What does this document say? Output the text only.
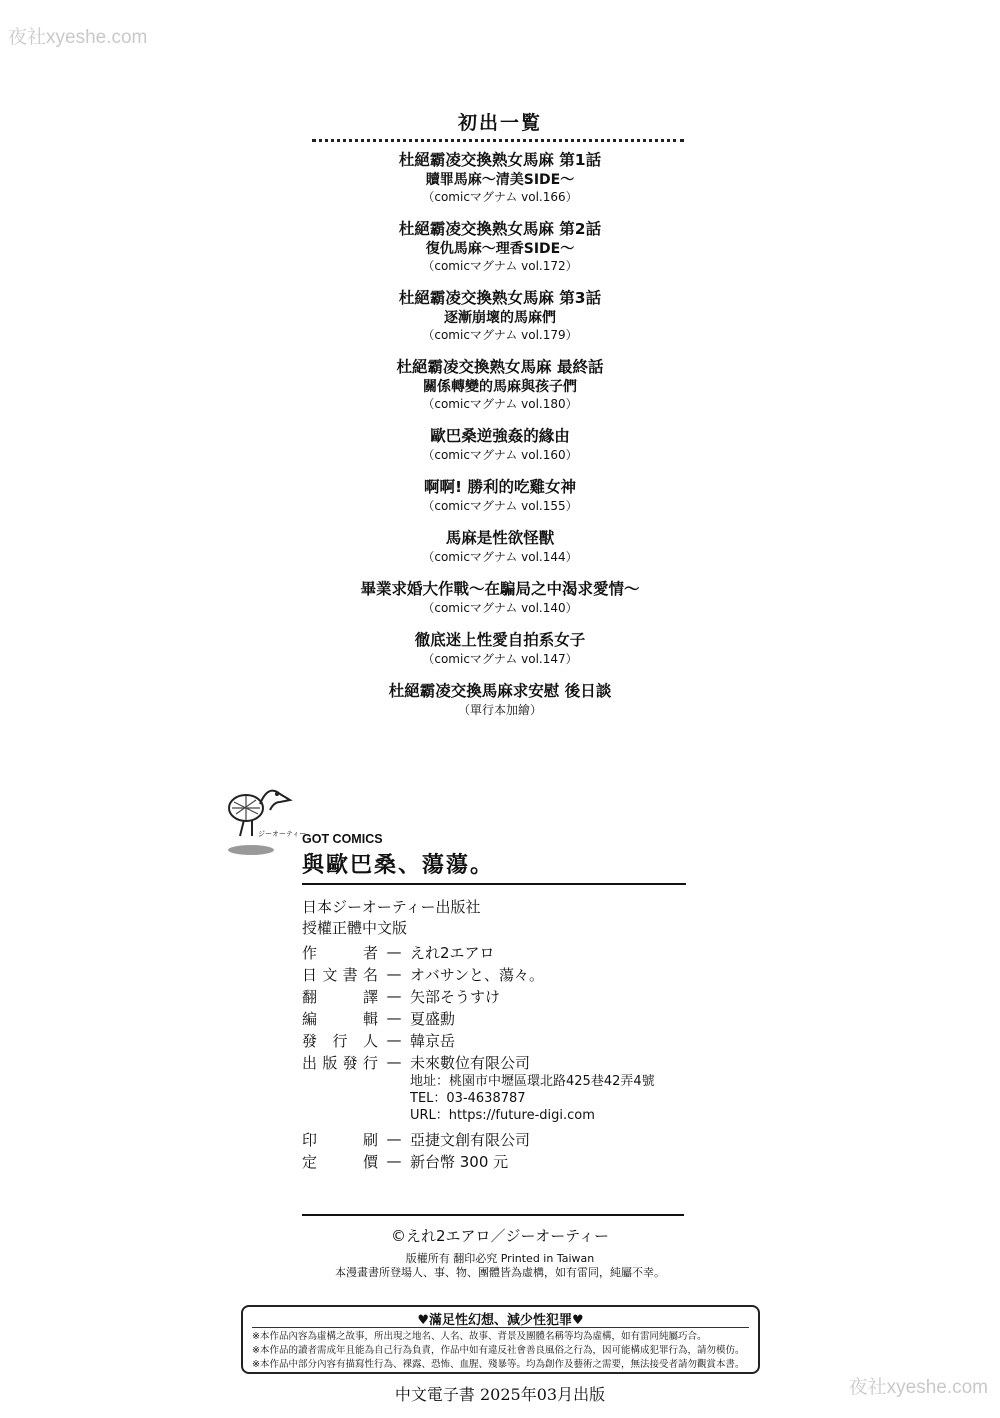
夜社xyeshe.com
初出一覧
杜絕霸凌交換熟女馬麻 第1話
贖罪馬麻～清美SIDE～
（comicマグナム vol.166）
杜絕霸凌交換熟女馬麻 第2話
復仇馬麻～理香SIDE～
（comicマグナム vol.172）
杜絕霸凌交換熟女馬麻 第3話
逐漸崩壞的馬麻們
（comicマグナム vol.179）
杜絕霸凌交換熟女馬麻 最終話
關係轉變的馬麻與孩子們
（comicマグナム vol.180）
歐巴桑逆強姦的緣由
（comicマグナム vol.160）
啊啊! 勝利的吃雞女神
（comicマグナム vol.155）
馬麻是性欲怪獸
（comicマグナム vol.144）
畢業求婚大作戰～在騙局之中渴求愛情～
（comicマグナム vol.140）
徹底迷上性愛自拍系女子
（comicマグナム vol.147）
杜絕霸凌交換馬麻求安慰 後日談
（單行本加繪）
ジーオーティー
GOT COMICS
與歐巴桑、蕩蕩。
日本ジーオーティー出版社
授權正體中文版
作 者 — えれ2エアロ
日文書名 — オバサンと、蕩々。
翻 譯 — 矢部そうすけ
編 輯 — 夏盛勳
發行人 — 韓京岳
出版發行 — 未來數位有限公司
地址：桃園市中壢區環北路425巷42弄4號
TEL：03-4638787
URL：https://future-digi.com
印 刷 — 亞捷文創有限公司
定 價 — 新台幣 300 元
©えれ2エアロ／ジーオーティー
版權所有 翻印必究 Printed in Taiwan
本漫畫書所登場人、事、物、團體皆為虛構，如有雷同，純屬不幸。
♥滿足性幻想、減少性犯罪♥
※本作品內容為虛構之故事，所出現之地名、人名、故事、背景及團體名稱等均為虛構，如有雷同純屬巧合。
※本作品的讀者需成年且能為自己行為負責，作品中如有違反社會善良風俗之行為，因可能構成犯罪行為，請勿模仿。
※本作品中部分內容有描寫性行為、裸露、恐怖、血腥、殘暴等。均為創作及藝術之需要，無法接受者請勿觀賞本書。
中文電子書 2025年03月出版	夜社xyeshe.com
